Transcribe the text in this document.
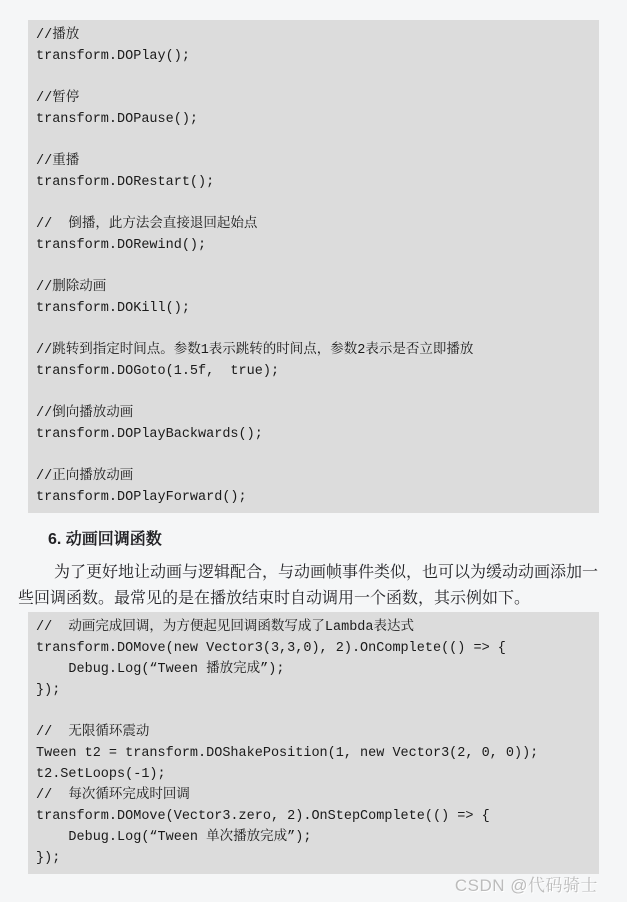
//播放
transform.DOPlay();
//暂停
transform.DOPause();
//重播
transform.DORestart();
//  倒播，此方法会直接退回起始点
transform.DORewind();
//删除动画
transform.DOKill();
//跳转到指定时间点。参数1表示跳转的时间点，参数2表示是否立即播放
transform.DOGoto(1.5f,  true);
//倒向播放动画
transform.DOPlayBackwards();
//正向播放动画
transform.DOPlayForward();
6. 动画回调函数

为了更好地让动画与逻辑配合，与动画帧事件类似，也可以为缓动动画添加一些回调函数。最常见的是在播放结束时自动调用一个函数，其示例如下。

//  动画完成回调，为方便起见回调函数写成了Lambda表达式
transform.DOMove(new Vector3(3,3,0), 2).OnComplete(() => {
Debug.Log(“Tween 播放完成”);
});
//  无限循环震动
Tween t2 = transform.DOShakePosition(1, new Vector3(2, 0, 0));
t2.SetLoops(-1);
//  每次循环完成时回调
transform.DOMove(Vector3.zero, 2).OnStepComplete(() => {
Debug.Log(“Tween 单次播放完成”);
});
CSDN @代码骑士
